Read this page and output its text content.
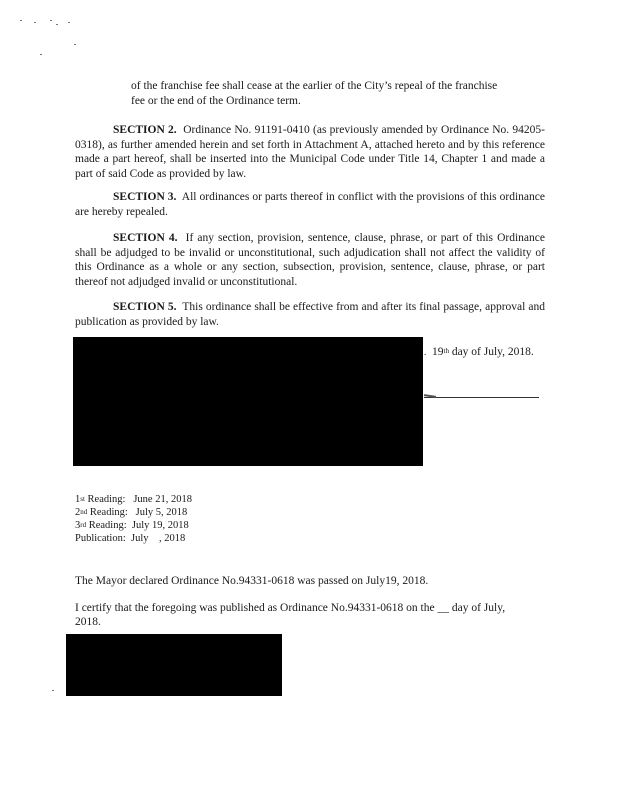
of the franchise fee shall cease at the earlier of the City’s repeal of the franchise
fee or the end of the Ordinance term.
SECTION 2. Ordinance No. 91191-0410 (as previously amended by Ordinance No. 94205-0318), as further amended herein and set forth in Attachment A, attached hereto and by this reference made a part hereof, shall be inserted into the Municipal Code under Title 14, Chapter 1 and made a part of said Code as provided by law.
SECTION 3. All ordinances or parts thereof in conflict with the provisions of this ordinance are hereby repealed.
SECTION 4. If any section, provision, sentence, clause, phrase, or part of this Ordinance shall be adjudged to be invalid or unconstitutional, such adjudication shall not affect the validity of this Ordinance as a whole or any section, subsection, provision, sentence, clause, phrase, or part thereof not adjudged invalid or unconstitutional.
SECTION 5. This ordinance shall be effective from and after its final passage, approval and publication as provided by law.
. 19th day of July, 2018.
1st Reading: June 21, 2018
2nd Reading: July 5, 2018
3rd Reading: July 19, 2018
Publication: July    , 2018
The Mayor declared Ordinance No.94331-0618 was passed on July19, 2018.
I certify that the foregoing was published as Ordinance No.94331-0618 on the __ day of July,
2018.
